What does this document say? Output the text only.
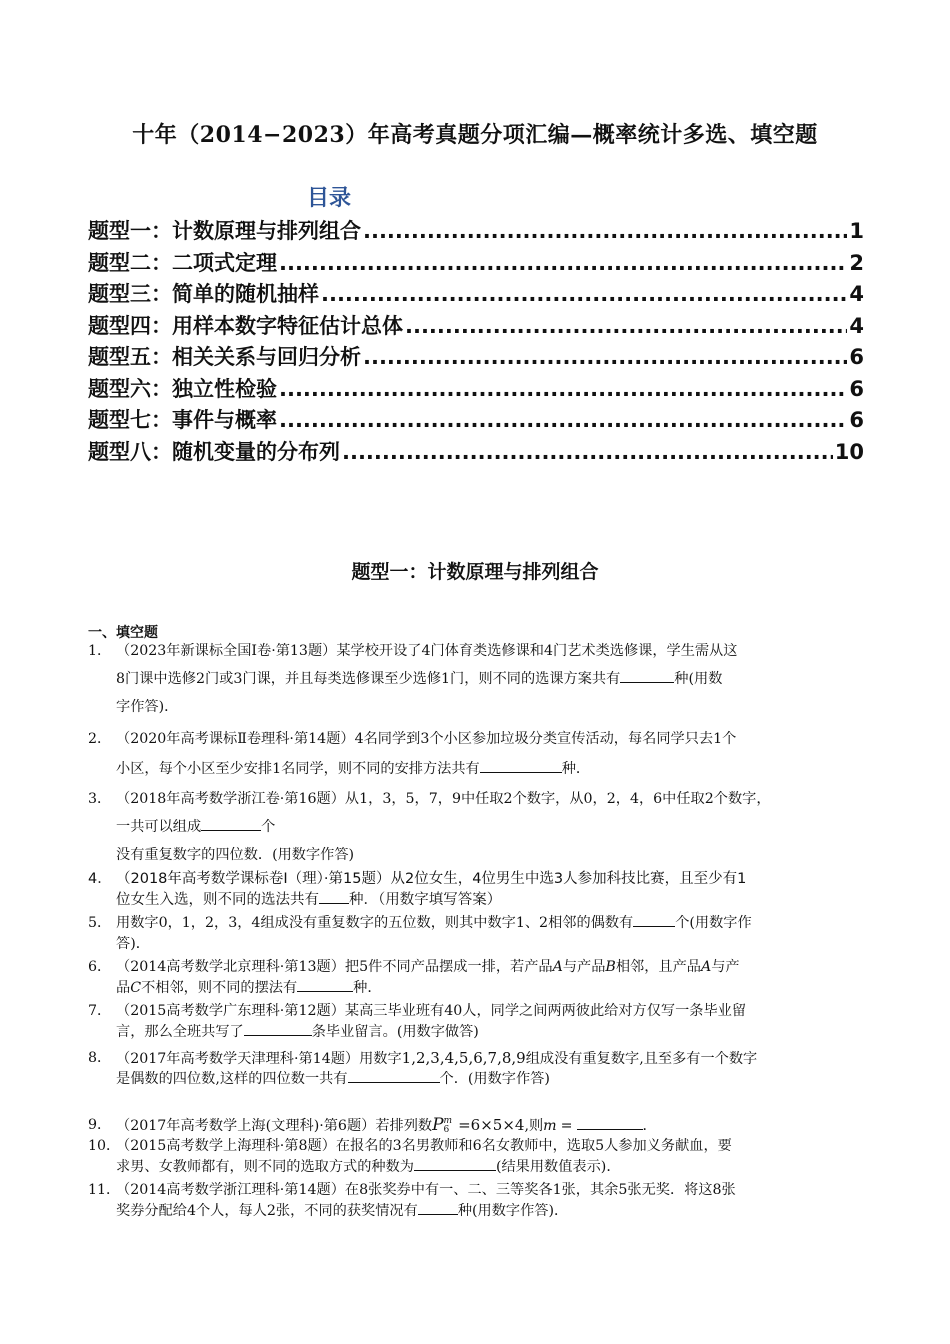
十年（2014−2023）年高考真题分项汇编—概率统计多选、填空题
目录
题型一：计数原理与排列组合 .....	1
题型二：二项式定理 .....	2
题型三：简单的随机抽样 .....	4
题型四：用样本数字特征估计总体 .....	4
题型五：相关关系与回归分析 .....	6
题型六：独立性检验 .....	6
题型七：事件与概率 .....	6
题型八：随机变量的分布列 .....	10
题型一：计数原理与排列组合
一、填空题
1． （2023年新课标全国Ⅰ卷·第13题）某学校开设了4门体育类选修课和4门艺术类选修课，学生需从这
8门课中选修2门或3门课，并且每类选修课至少选修1门，则不同的选课方案共有	种(用数
字作答)．
2． （2020年高考课标Ⅱ卷理科·第14题）4名同学到3个小区参加垃圾分类宣传活动，每名同学只去1个
小区，每个小区至少安排1名同学，则不同的安排方法共有	种．
3． （2018年高考数学浙江卷·第16题）从1，3，5，7，9中任取2个数字，从0，2，4，6中任取2个数字，
一共可以组成	个
没有重复数字的四位数．(用数字作答)
4． （2018年高考数学课标卷Ⅰ（理）·第15题）从2位女生，4位男生中选3人参加科技比赛，且至少有1
位女生入选，则不同的选法共有 种．（用数字填写答案）
5． 用数字0，1，2，3，4组成没有重复数字的五位数，则其中数字1、2相邻的偶数有	个(用数字作
答)．
6． （2014高考数学北京理科·第13题）把5件不同产品摆成一排，若产品A与产品B相邻，且产品A与产
品C不相邻，则不同的摆法有	种．
7． （2015高考数学广东理科·第12题）某高三毕业班有40人，同学之间两两彼此给对方仅写一条毕业留
言，那么全班共写了	条毕业留言。(用数字做答)
8． （2017年高考数学天津理科·第14题）用数字1,2,3,4,5,6,7,8,9组成没有重复数字,且至多有一个数字
是偶数的四位数,这样的四位数一共有	个．(用数字作答)
9． （2017年高考数学上海(文理科)·第6题）若排列数P m
6 =6×5×4,则m =	．
10．
（2015高考数学上海理科·第8题）在报名的3名男教师和6名女教师中，选取5人参加义务献血，要
求男、女教师都有，则不同的选取方式的种数为	(结果用数值表示)．
11．
（2014高考数学浙江理科·第14题）在8张奖券中有一、二、三等奖各1张，其余5张无奖．将这8张
奖券分配给4个人，每人2张，不同的获奖情况有	种(用数字作答)．
